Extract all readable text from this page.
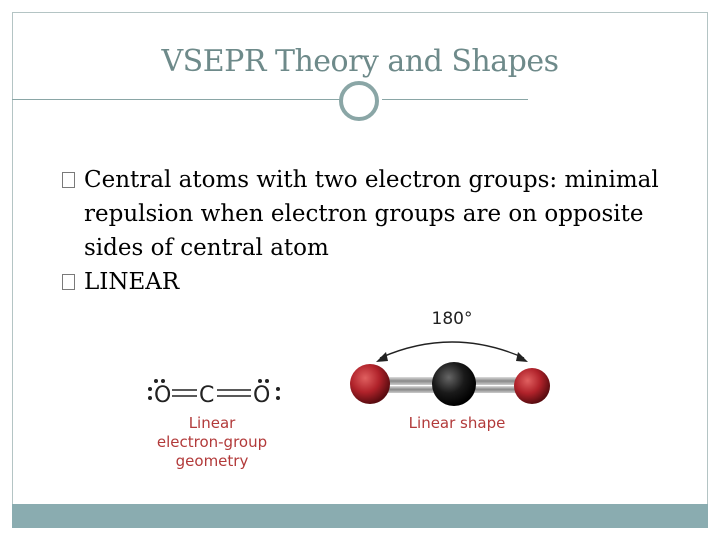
VSEPR Theory and Shapes
Central atoms with two electron groups: minimal repulsion when electron groups are on opposite sides of central atom
LINEAR
O C O
Linear
electron-group
geometry
180°
Linear shape
